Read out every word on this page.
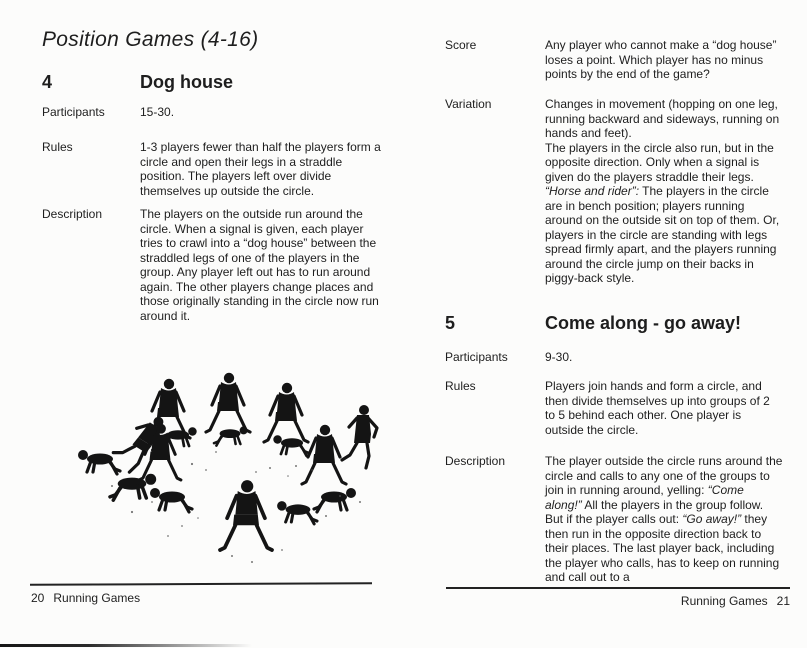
Position Games (4-16)
4	Dog house
Participants	15-30.

Rules	1-3 players fewer than half the players form a circle and open their legs in a straddle position. The players left over divide themselves up outside the circle.

Description	The players on the outside run around the circle. When a signal is given, each player tries to crawl into a “dog house” between the straddled legs of one of the players in the group. Any player left out has to run around again. The other players change places and those originally standing in the circle now run around it.

Score	Any player who cannot make a “dog house” loses a point. Which player has no minus points by the end of the game?

Variation	Changes in movement (hopping on one leg, running backward and sideways, running on hands and feet).

The players in the circle also run, but in the opposite direction. Only when a signal is given do the players straddle their legs.

“Horse and rider”: The players in the circle are in bench position; players running around on the outside sit on top of them. Or, players in the circle are standing with legs spread firmly apart, and the players running around the circle jump on their backs in piggy-back style.

5	Come along - go away!
Participants	9-30.

Rules	Players join hands and form a circle, and then divide themselves up into groups of 2 to 5 behind each other. One player is outside the circle.

Description	The player outside the circle runs around the circle and calls to any one of the groups to join in running around, yelling: “Come along!” All the players in the group follow. But if the player calls out: “Go away!” they then run in the opposite direction back to their places. The last player back, including the player who calls, has to keep on running and call out to a

20 Running Games	Running Games 21
